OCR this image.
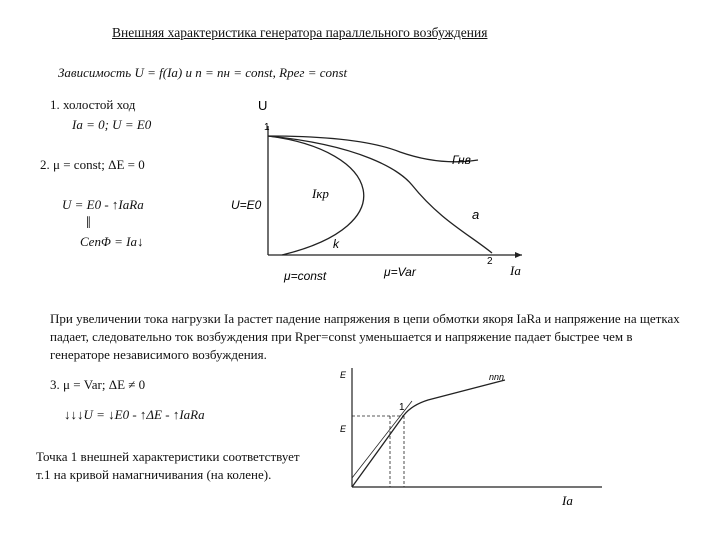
Внешняя характеристика генератора параллельного возбуждения
Зависимость U = f(Iа) и n = nн = const, Rрег = const
1. холостой ход
Iа = 0; U = E0
2. μ = const; ΔE = 0
U = E0 - ↑IаRа
‖
CеnΦ = Iа↓
U
1
Гнв
Iкр
a
U=E0
k
μ=const	μ=Var
2
Iа
E
E
1
nnn
Iа
При увеличении тока нагрузки Iа растет падение напряжения в цепи обмотки якоря IаRа и напряжение на щетках падает, следовательно ток возбуждения при Rрег=const уменьшается и напряжение падает быстрее чем в генераторе независимого возбуждения.
3. μ = Var; ΔE ≠ 0
↓↓↓U = ↓E0 - ↑ΔE - ↑IаRа
Точка 1 внешней характеристики соответствует
т.1 на кривой намагничивания (на колене).
